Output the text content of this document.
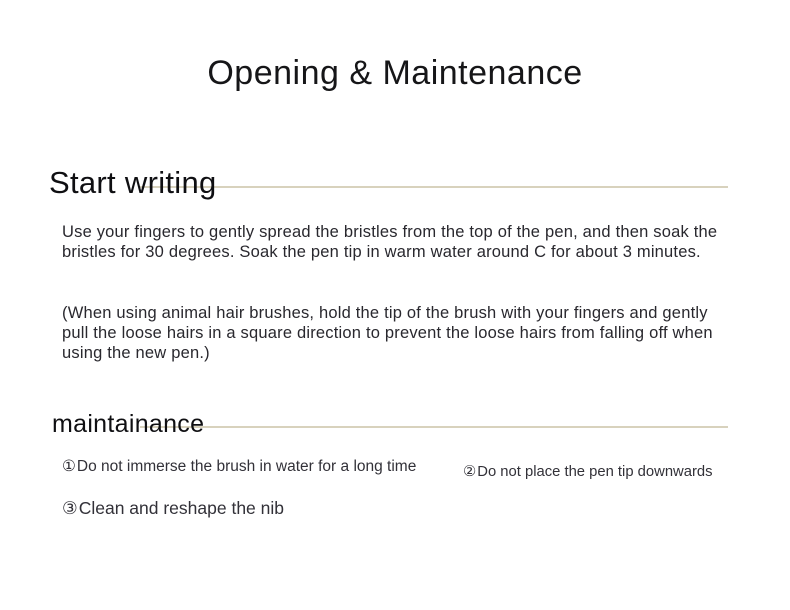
Opening & Maintenance
Start writing

Use your fingers to gently spread the bristles from the top of the pen, and then soak the bristles for 30 degrees. Soak the pen tip in warm water around C for about 3 minutes.

(When using animal hair brushes, hold the tip of the brush with your fingers and gently pull the loose hairs in a square direction to prevent the loose hairs from falling off when using the new pen.)

maintainance

①Do not immerse the brush in water for a long time	②Do not place the pen tip downwards

③Clean and reshape the nib
